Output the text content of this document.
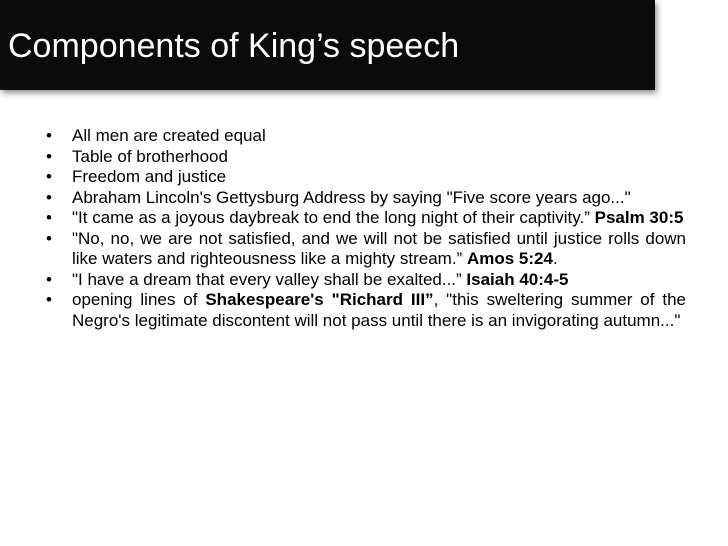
Components of King’s speech
• All men are created equal
• Table of brotherhood
• Freedom and justice
• Abraham Lincoln's Gettysburg Address by saying "Five score years ago..."
• "It came as a joyous daybreak to end the long night of their captivity.” Psalm 30:5
• "No, no, we are not satisfied, and we will not be satisfied until justice rolls down like waters and righteousness like a mighty stream.” Amos 5:24.
• "I have a dream that every valley shall be exalted...” Isaiah 40:4-5
• opening lines of Shakespeare's "Richard III”, "this sweltering summer of the Negro's legitimate discontent will not pass until there is an invigorating autumn..."
